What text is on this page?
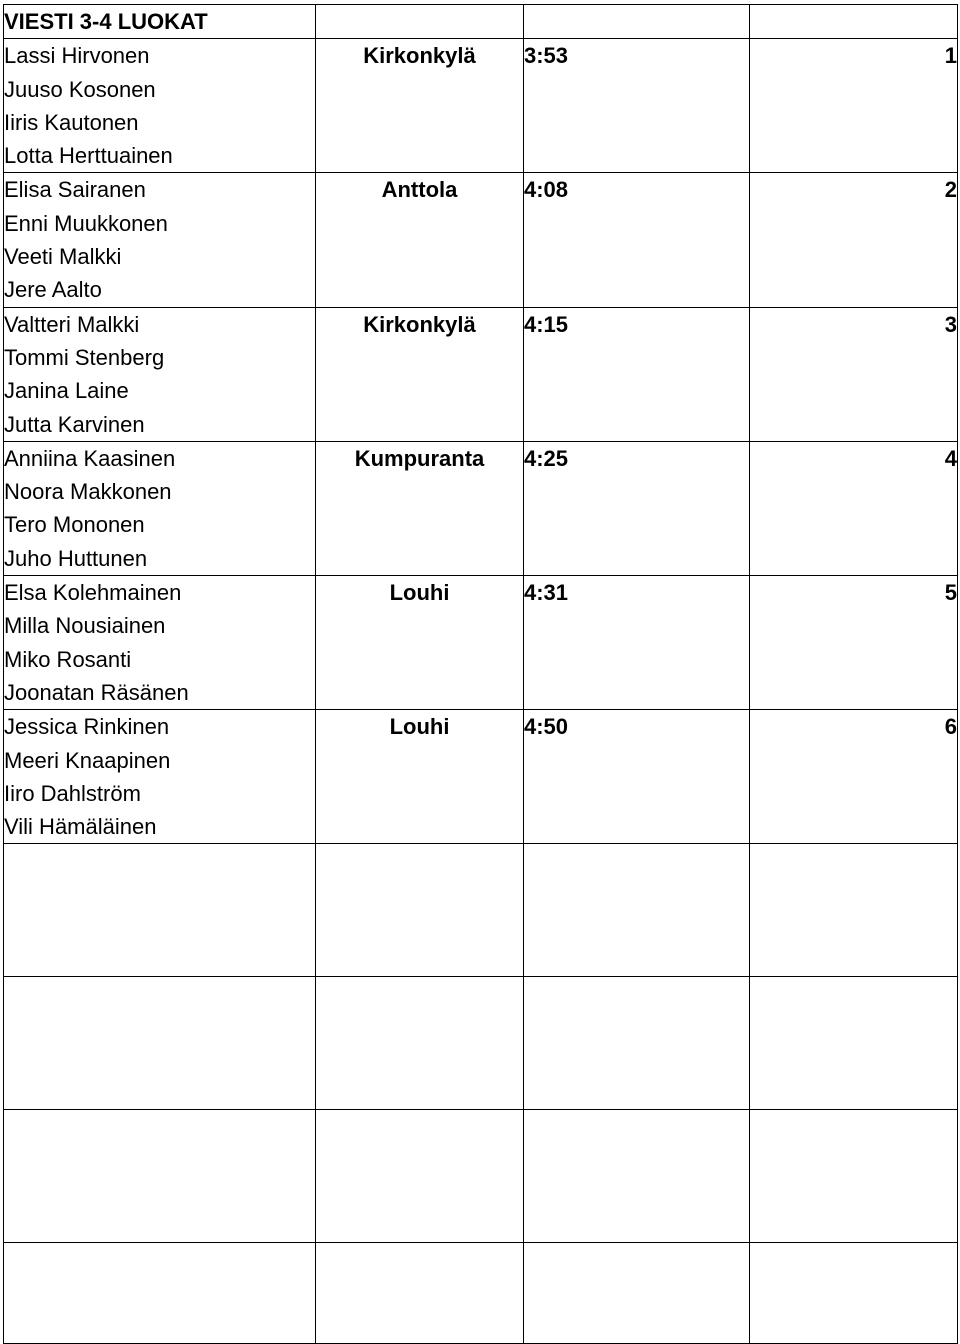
VIESTI 3-4 LUOKAT			

Lassi Hirvonen
Juuso Kosonen
Iiris Kautonen
Lotta Herttuainen	Kirkonkylä	3:53	1

Elisa Sairanen
Enni Muukkonen
Veeti Malkki
Jere Aalto	Anttola	4:08	2

Valtteri Malkki
Tommi Stenberg
Janina Laine
Jutta Karvinen	Kirkonkylä	4:15	3

Anniina Kaasinen
Noora Makkonen
Tero Mononen
Juho Huttunen	Kumpuranta	4:25	4

Elsa Kolehmainen
Milla Nousiainen
Miko Rosanti
Joonatan Räsänen	Louhi	4:31	5

Jessica Rinkinen
Meeri Knaapinen
Iiro Dahlström
Vili Hämäläinen	Louhi	4:50	6
